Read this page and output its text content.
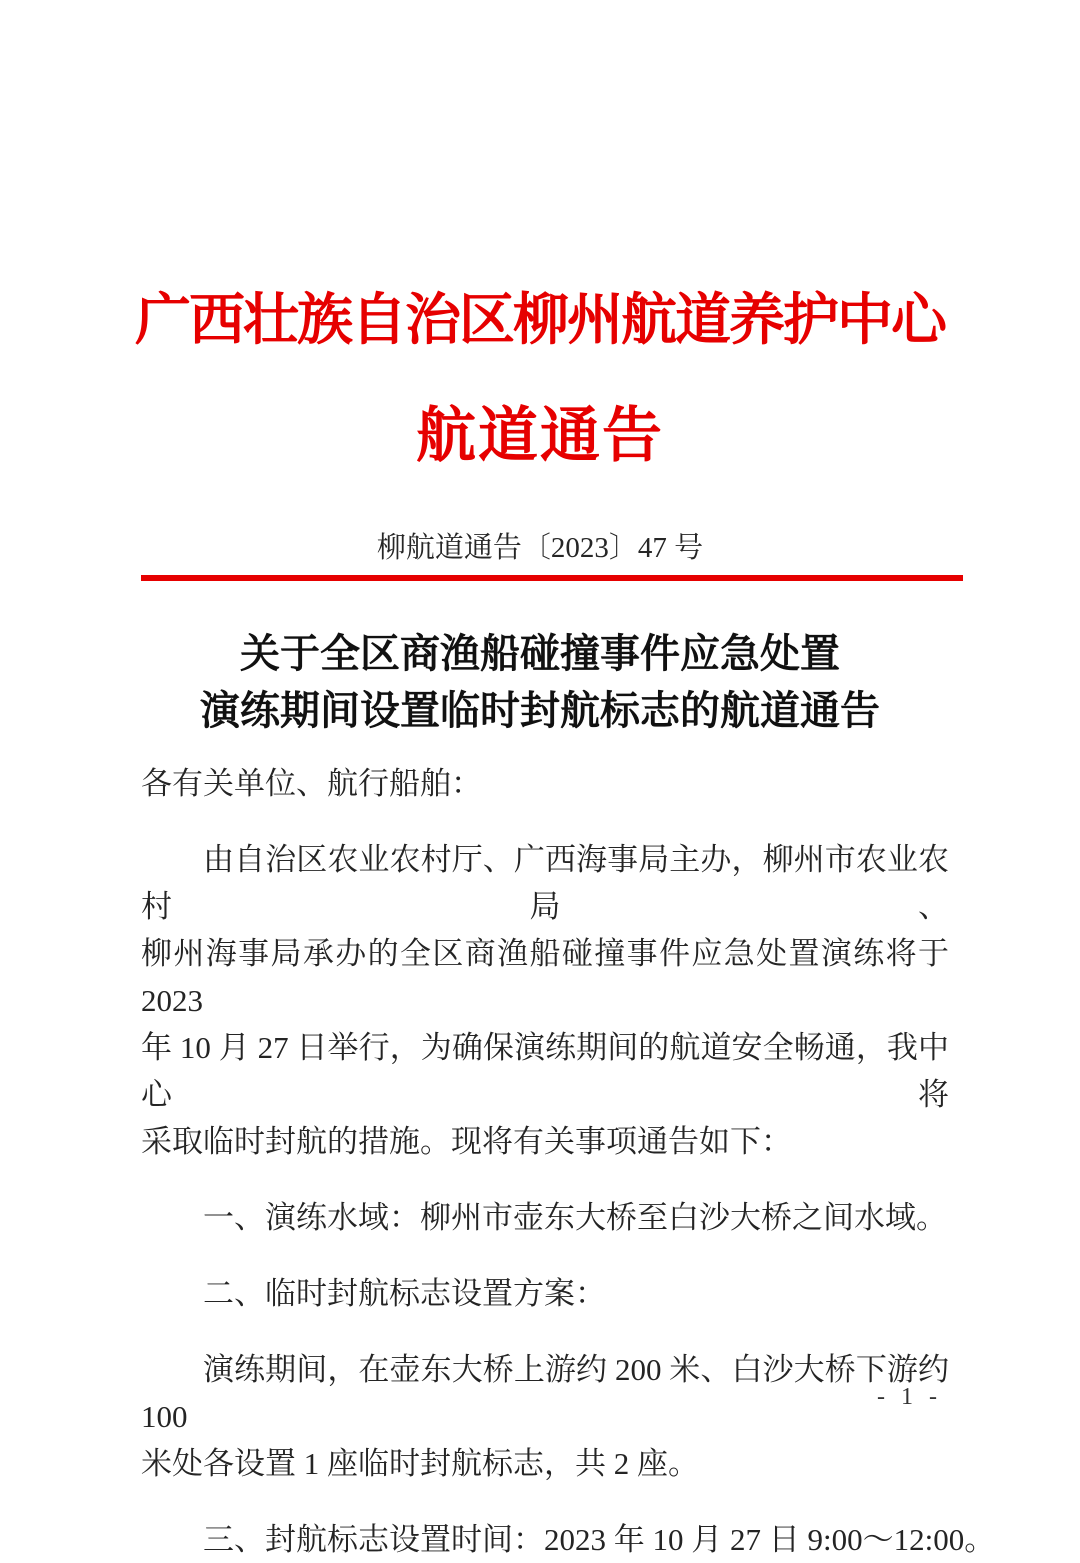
广西壮族自治区柳州航道养护中心
航道通告
柳航道通告〔2023〕47 号
关于全区商渔船碰撞事件应急处置
演练期间设置临时封航标志的航道通告
各有关单位、航行船舶：
由自治区农业农村厅、广西海事局主办，柳州市农业农村局、
柳州海事局承办的全区商渔船碰撞事件应急处置演练将于 2023
年 10 月 27 日举行，为确保演练期间的航道安全畅通，我中心将
采取临时封航的措施。现将有关事项通告如下：
一、演练水域：柳州市壶东大桥至白沙大桥之间水域。
二、临时封航标志设置方案：
演练期间，在壶东大桥上游约 200 米、白沙大桥下游约 100
米处各设置 1 座临时封航标志，共 2 座。
三、封航标志设置时间：2023 年 10 月 27 日 9:00～12:00。
- 1 -
